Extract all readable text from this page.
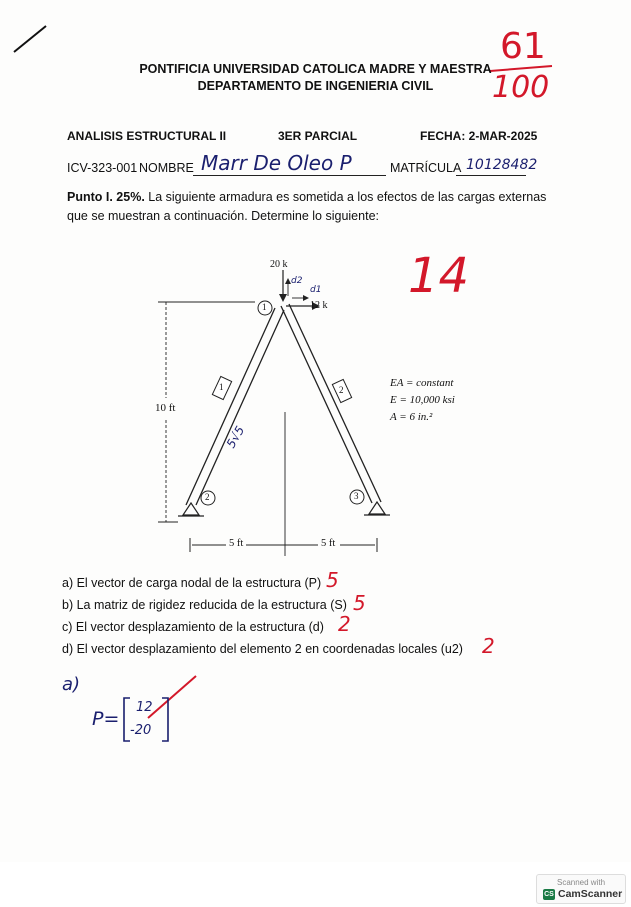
PONTIFICIA UNIVERSIDAD CATOLICA MADRE Y MAESTRA
DEPARTAMENTO DE INGENIERIA CIVIL
61
100
ANALISIS ESTRUCTURAL II	3ER PARCIAL	FECHA: 2-MAR-2025
ICV-323-001 NOMBRE Marr De Oleo P	MATRÍCULA 10128482
Punto I. 25%. La siguiente armadura es sometida a los efectos de las cargas externas
que se muestran a continuación. Determine lo siguiente:
14
20 k
12 k
d1
d2
10 ft
5√5
5 ft	5 ft
1
2	3
1	2
EA = constant
E = 10,000 ksi
A = 6 in.²
a) El vector de carga nodal de la estructura (P) 5
b) La matriz de rigidez reducida de la estructura (S) 5
c) El vector desplazamiento de la estructura (d) 2
d) El vector desplazamiento del elemento 2 en coordenadas locales (u2) 2
a)
P=
12
-20
Scanned with
CS CamScanner
